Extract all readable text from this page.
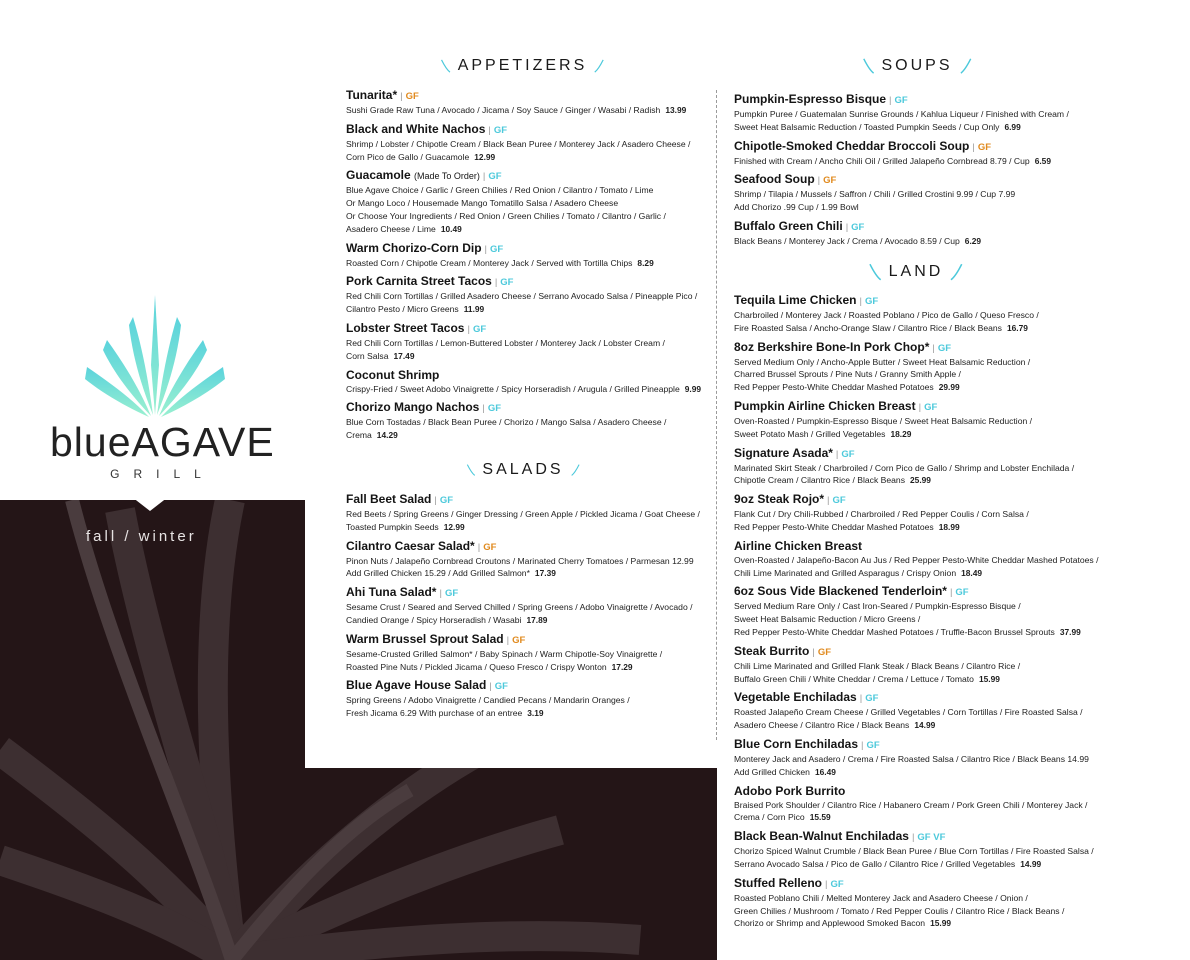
blueAGAVE
GRILL
fall / winter
APPETIZERS
SALADS
SOUPS
LAND
Tunarita* | GF
Sushi Grade Raw Tuna / Avocado / Jicama / Soy Sauce / Ginger / Wasabi / Radish 13.99
Black and White Nachos | GF
Shrimp / Lobster / Chipotle Cream / Black Bean Puree / Monterey Jack / Asadero Cheese /
Corn Pico de Gallo / Guacamole 12.99
Guacamole (Made To Order) | GF
Blue Agave Choice / Garlic / Green Chilies / Red Onion / Cilantro / Tomato / Lime
Or Mango Loco / Housemade Mango Tomatillo Salsa / Asadero Cheese
Or Choose Your Ingredients / Red Onion / Green Chilies / Tomato / Cilantro / Garlic /
Asadero Cheese / Lime 10.49
Warm Chorizo-Corn Dip | GF
Roasted Corn / Chipotle Cream / Monterey Jack / Served with Tortilla Chips 8.29
Pork Carnita Street Tacos | GF
Red Chili Corn Tortillas / Grilled Asadero Cheese / Serrano Avocado Salsa / Pineapple Pico /
Cilantro Pesto / Micro Greens 11.99
Lobster Street Tacos | GF
Red Chili Corn Tortillas / Lemon-Buttered Lobster / Monterey Jack / Lobster Cream /
Corn Salsa 17.49
Coconut Shrimp
Crispy-Fried / Sweet Adobo Vinaigrette / Spicy Horseradish / Arugula / Grilled Pineapple 9.99
Chorizo Mango Nachos | GF
Blue Corn Tostadas / Black Bean Puree / Chorizo / Mango Salsa / Asadero Cheese /
Crema 14.29
Fall Beet Salad | GF
Red Beets / Spring Greens / Ginger Dressing / Green Apple / Pickled Jicama / Goat Cheese /
Toasted Pumpkin Seeds 12.99
Cilantro Caesar Salad* | GF
Pinon Nuts / Jalapeño Cornbread Croutons / Marinated Cherry Tomatoes / Parmesan 12.99
Add Grilled Chicken 15.29 / Add Grilled Salmon* 17.39
Ahi Tuna Salad* | GF
Sesame Crust / Seared and Served Chilled / Spring Greens / Adobo Vinaigrette / Avocado /
Candied Orange / Spicy Horseradish / Wasabi 17.89
Warm Brussel Sprout Salad | GF
Sesame-Crusted Grilled Salmon* / Baby Spinach / Warm Chipotle-Soy Vinaigrette /
Roasted Pine Nuts / Pickled Jicama / Queso Fresco / Crispy Wonton 17.29
Blue Agave House Salad | GF
Spring Greens / Adobo Vinaigrette / Candied Pecans / Mandarin Oranges /
Fresh Jicama 6.29 With purchase of an entree 3.19
Pumpkin-Espresso Bisque | GF
Pumpkin Puree / Guatemalan Sunrise Grounds / Kahlua Liqueur / Finished with Cream /
Sweet Heat Balsamic Reduction / Toasted Pumpkin Seeds / Cup Only 6.99
Chipotle-Smoked Cheddar Broccoli Soup | GF
Finished with Cream / Ancho Chili Oil / Grilled Jalapeño Cornbread 8.79 / Cup 6.59
Seafood Soup | GF
Shrimp / Tilapia / Mussels / Saffron / Chili / Grilled Crostini 9.99 / Cup 7.99
Add Chorizo .99 Cup / 1.99 Bowl
Buffalo Green Chili | GF
Black Beans / Monterey Jack / Crema / Avocado 8.59 / Cup 6.29
Tequila Lime Chicken | GF
Charbroiled / Monterey Jack / Roasted Poblano / Pico de Gallo / Queso Fresco /
Fire Roasted Salsa / Ancho-Orange Slaw / Cilantro Rice / Black Beans 16.79
8oz Berkshire Bone-In Pork Chop* | GF
Served Medium Only / Ancho-Apple Butter / Sweet Heat Balsamic Reduction /
Charred Brussel Sprouts / Pine Nuts / Granny Smith Apple /
Red Pepper Pesto-White Cheddar Mashed Potatoes 29.99
Pumpkin Airline Chicken Breast | GF
Oven-Roasted / Pumpkin-Espresso Bisque / Sweet Heat Balsamic Reduction /
Sweet Potato Mash / Grilled Vegetables 18.29
Signature Asada* | GF
Marinated Skirt Steak / Charbroiled / Corn Pico de Gallo / Shrimp and Lobster Enchilada /
Chipotle Cream / Cilantro Rice / Black Beans 25.99
9oz Steak Rojo* | GF
Flank Cut / Dry Chili-Rubbed / Charbroiled / Red Pepper Coulis / Corn Salsa /
Red Pepper Pesto-White Cheddar Mashed Potatoes 18.99
Airline Chicken Breast
Oven-Roasted / Jalapeño-Bacon Au Jus / Red Pepper Pesto-White Cheddar Mashed Potatoes /
Chili Lime Marinated and Grilled Asparagus / Crispy Onion 18.49
6oz Sous Vide Blackened Tenderloin* | GF
Served Medium Rare Only / Cast Iron-Seared / Pumpkin-Espresso Bisque /
Sweet Heat Balsamic Reduction / Micro Greens /
Red Pepper Pesto-White Cheddar Mashed Potatoes / Truffle-Bacon Brussel Sprouts 37.99
Steak Burrito | GF
Chili Lime Marinated and Grilled Flank Steak / Black Beans / Cilantro Rice /
Buffalo Green Chili / White Cheddar / Crema / Lettuce / Tomato 15.99
Vegetable Enchiladas | GF
Roasted Jalapeño Cream Cheese / Grilled Vegetables / Corn Tortillas / Fire Roasted Salsa /
Asadero Cheese / Cilantro Rice / Black Beans 14.99
Blue Corn Enchiladas | GF
Monterey Jack and Asadero / Crema / Fire Roasted Salsa / Cilantro Rice / Black Beans 14.99
Add Grilled Chicken 16.49
Adobo Pork Burrito
Braised Pork Shoulder / Cilantro Rice / Habanero Cream / Pork Green Chili / Monterey Jack /
Crema / Corn Pico 15.59
Black Bean-Walnut Enchiladas | GF VF
Chorizo Spiced Walnut Crumble / Black Bean Puree / Blue Corn Tortillas / Fire Roasted Salsa /
Serrano Avocado Salsa / Pico de Gallo / Cilantro Rice / Grilled Vegetables 14.99
Stuffed Relleno | GF
Roasted Poblano Chili / Melted Monterey Jack and Asadero Cheese / Onion /
Green Chilies / Mushroom / Tomato / Red Pepper Coulis / Cilantro Rice / Black Beans /
Chorizo or Shrimp and Applewood Smoked Bacon 15.99
